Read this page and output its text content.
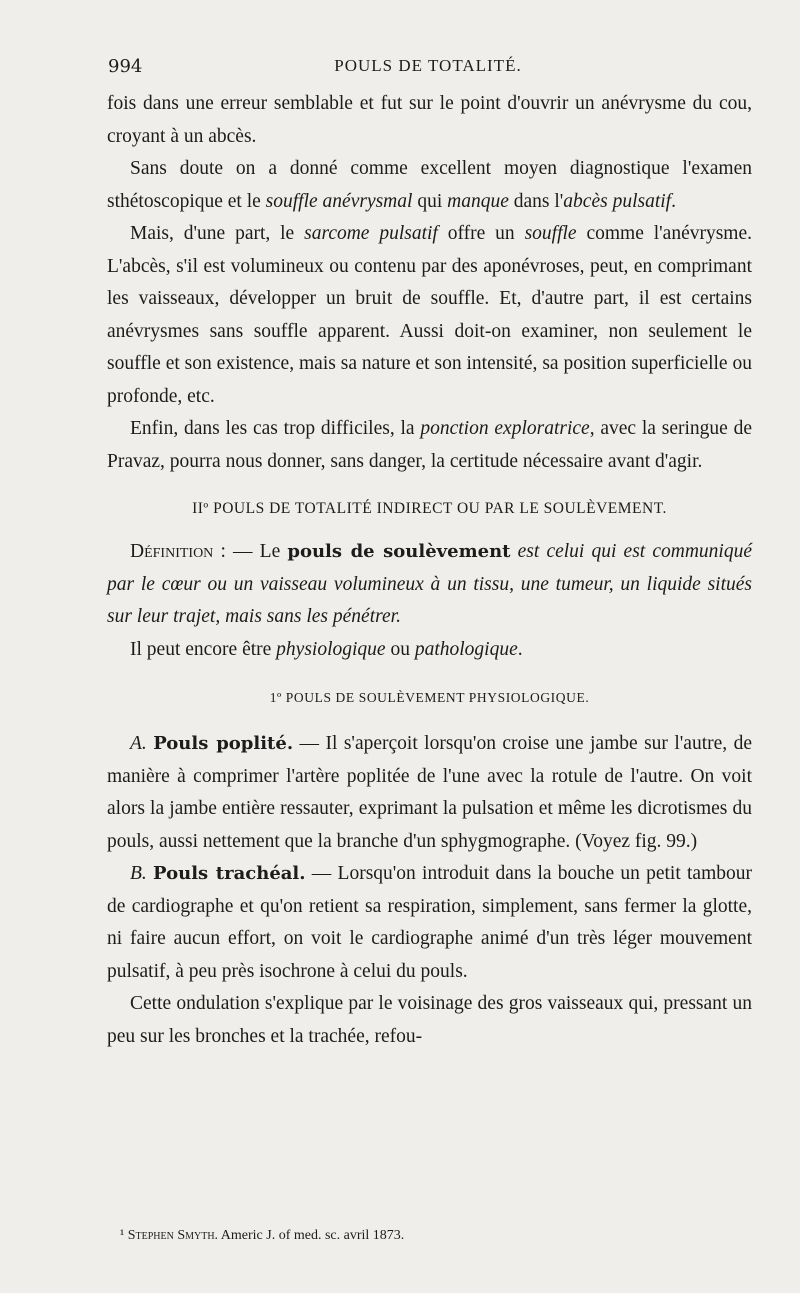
994	POULS DE TOTALITÉ.

fois dans une erreur semblable et fut sur le point d'ouvrir un anévrysme du cou, croyant à un abcès.

Sans doute on a donné comme excellent moyen diagnostique l'examen sthétoscopique et le souffle anévrysmal qui manque dans l'abcès pulsatif.

Mais, d'une part, le sarcome pulsatif offre un souffle comme l'anévrysme. L'abcès, s'il est volumineux ou contenu par des aponévroses, peut, en comprimant les vaisseaux, développer un bruit de souffle. Et, d'autre part, il est certains anévrysmes sans souffle apparent. Aussi doit-on examiner, non seulement le souffle et son existence, mais sa nature et son intensité, sa position superficielle ou profonde, etc.

Enfin, dans les cas trop difficiles, la ponction exploratrice, avec la seringue de Pravaz, pourra nous donner, sans danger, la certitude nécessaire avant d'agir.

IIº POULS DE TOTALITÉ INDIRECT OU PAR LE SOULÈVEMENT.

Définition : — Le pouls de soulèvement est celui qui est communiqué par le cœur ou un vaisseau volumineux à un tissu, une tumeur, un liquide situés sur leur trajet, mais sans les pénétrer.

Il peut encore être physiologique ou pathologique.

1º POULS DE SOULÈVEMENT PHYSIOLOGIQUE.

A. Pouls poplité. — Il s'aperçoit lorsqu'on croise une jambe sur l'autre, de manière à comprimer l'artère poplitée de l'une avec la rotule de l'autre. On voit alors la jambe entière ressauter, exprimant la pulsation et même les dicrotismes du pouls, aussi nettement que la branche d'un sphygmographe. (Voyez fig. 99.)

B. Pouls trachéal. — Lorsqu'on introduit dans la bouche un petit tambour de cardiographe et qu'on retient sa respiration, simplement, sans fermer la glotte, ni faire aucun effort, on voit le cardiographe animé d'un très léger mouvement pulsatif, à peu près isochrone à celui du pouls.

Cette ondulation s'explique par le voisinage des gros vaisseaux qui, pressant un peu sur les bronches et la trachée, refou-

¹ Stephen Smyth. Americ J. of med. sc. avril 1873.
